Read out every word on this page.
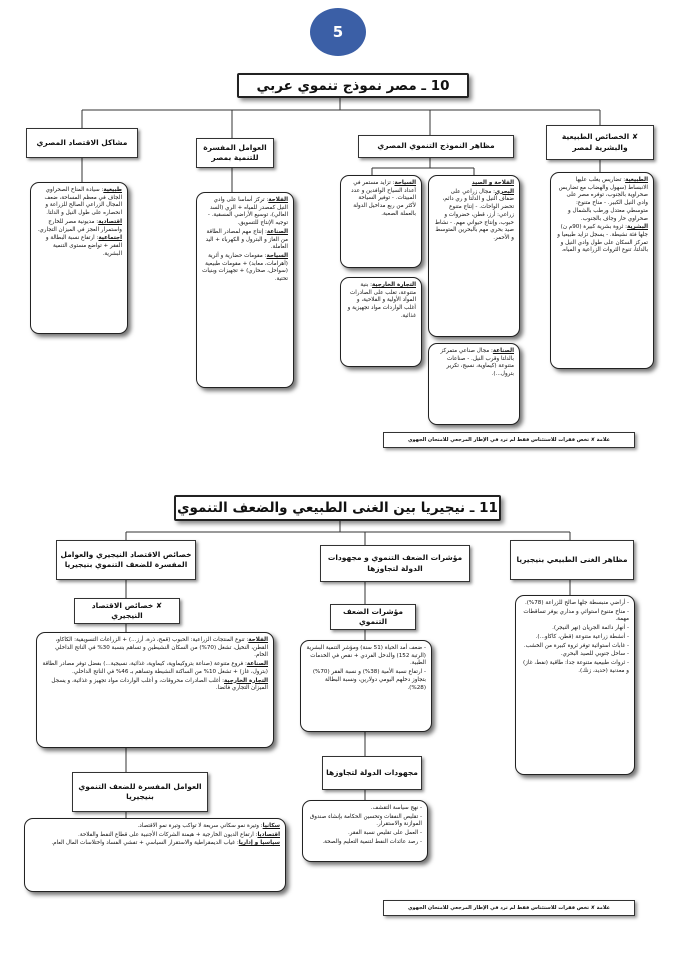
5
10 ـ مصر نموذج تنموي عربي
✘ الخصائص الطبيعية والبشرية لمصر

الطبيعية: تضاريس يغلب عليها الانبساط (سهول والهضاب مع تضاريس صحراوية بالجنوب، توفره مصر على وادي النيل الكبير. - مناخ متنوع: متوسطي معتدل ورطب بالشمال و صحراوي حار وجاف بالجنوب.

البشرية: ثروة بشرية كبيرة (90م ن) جلها فئة نشيطة. - يسجل تزايد طبيعيا و تمركز السكان على طول وادي النيل و بالدلتا، تنوع الثروات الزراعية و المياه.

مظاهر النموذج التنموي المصري

الفلاحة و الصيد

البحري: مجال زراعي على ضفاف النيل و الدلتا و ري دائم، تحضر الواحات. - إنتاج متنوع زراعي: أرز، قطن، خضروات و حبوب، وإنتاج حيواني مهم. - نشاط صيد بحري مهم بالبحرين المتوسط و الأحمر.

السياحة: تزايد مستمر في أعداد السياح الوافدين و عدد المبيتات. - توفير السياحة لأكثر من ربع مداخيل الدولة بالعملة الصعبة.

التجارة الخارجية: بنية متنوعة، تغلب على الصادرات المواد الأولية و الفلاحية، و أغلب الواردات مواد تجهيزية و غذائية.

الصناعة: مجال صناعي متمركز بالدلتا وقرب النيل. - صناعات متنوعة (كيماوية، نسيج، تكرير بترول...).

العوامل المفسرة للتنمية بمصر

الفلاحة: تركز أساسا على وادي النيل كمصدر للمياه + الري (السد العالي)، توسيع الأراضي المسقية. - توجيه الإنتاج للتسويق.

الصناعة: إنتاج مهم لمصادر الطاقة من الغاز و البترول و الكهرباء + اليد العاملة.

السياحة: مقومات حضارية و أثرية (أهرامات، معابد) + مقومات طبيعية (سواحل، صحاري) + تجهيزات وبنيات تحتية.

مشاكل الاقتصاد المصري

طبيعية: سيادة المناخ الصحراوي الجاف في معظم المساحة، ضعف المجال الزراعي الصالح للزراعة و انحصاره على طول النيل و الدلتا.

اقتصادية: مديونية مصر للخارج واستمرار العجز في الميزان التجاري.

اجتماعية: ارتفاع نسبة البطالة و الفقر + تواضع مستوى التنمية البشرية.

علامة ✘ تخص فقرات للاستئناس فقط لم ترد في الإطار المرجعي للامتحان الجهوي
11 ـ نيجيريا بين الغنى الطبيعي والضعف التنموي
مظاهر الغنى الطبيعي بنيجيريا

- أراضي منبسطة جلها صالح للزراعة (78%).

- مناخ متنوع استوائي و مداري يوفر تساقطات مهمة.

- أنهار دائمة الجريان (نهر النيجر).

- أنشطة زراعية متنوعة (قطن، كاكاو...).

- غابات استوائية توفر ثروة كبيرة من الخشب.

- ساحل جنوبي للصيد البحري.

- ثروات طبيعية متنوعة جدا: طاقية (نفط، غاز) و معدنية (حديد، زنك).

مؤشرات الضعف التنموي و مجهودات الدولة لتجاوزها
مؤشرات الضعف التنموي

- ضعف أمد الحياة (51 سنة) ومؤشر التنمية البشرية (الرتبة 152) والدخل الفردي + نقص في الخدمات الطبية.

- ارتفاع نسبة الأمية (38%) و نسبة الفقر (70%) بتجاوز دخلهم اليومي دولارين، ونسبة البطالة (28%).

مجهودات الدولة لتجاوزها

- نهج سياسة التقشف.

- تقليص النفقات وتحسين الحكامة بإنشاء صندوق الموازنة والاستقرار.

- العمل على تقليص نسبة الفقر.

- رصد عائدات النفط لتنمية التعليم والصحة.

خصائص الاقتصاد النيجيري والعوامل المفسرة للضعف التنموي بنيجيريا
✘ خصائص الاقتصاد النيجيري

الفلاحة: تنوع المنتجات الزراعية: الحبوب (قمح، ذرة، أرز...) + الزراعات التسويقية: الكاكاو، القطن، النخيل، تشغل (70%) من السكان النشيطين و تساهم بنسبة 30% في الناتج الداخلي الخام.

الصناعة: فروع متنوعة (صناعة بتروكيماوية، كيماوية، غذائية، نسيجية...) بفضل توفر مصادر الطاقة (بترول، غاز) + تشغل 10% من الساكنة النشيطة وتساهم بـ 46% في الناتج الداخلي.

التجارة الخارجية: أغلب الصادرات محروقات، و أغلب الواردات مواد تجهيز و غذائية، و يسجل الميزان التجاري فائضا.

العوامل المفسرة للضعف التنموي بنيجيريا

سكانيا: وتيرة نمو سكاني سريعة لا تواكب وتيرة نمو الاقتصاد.

اقتصاديا: ارتفاع الديون الخارجية + هيمنة الشركات الأجنبية على قطاع النفط والفلاحة.

سياسيا و إداريا: غياب الديمقراطية والاستقرار السياسي + تفشي الفساد واختلاسات المال العام.

علامة ✘ تخص فقرات للاستئناس فقط لم ترد في الإطار المرجعي للامتحان الجهوي
